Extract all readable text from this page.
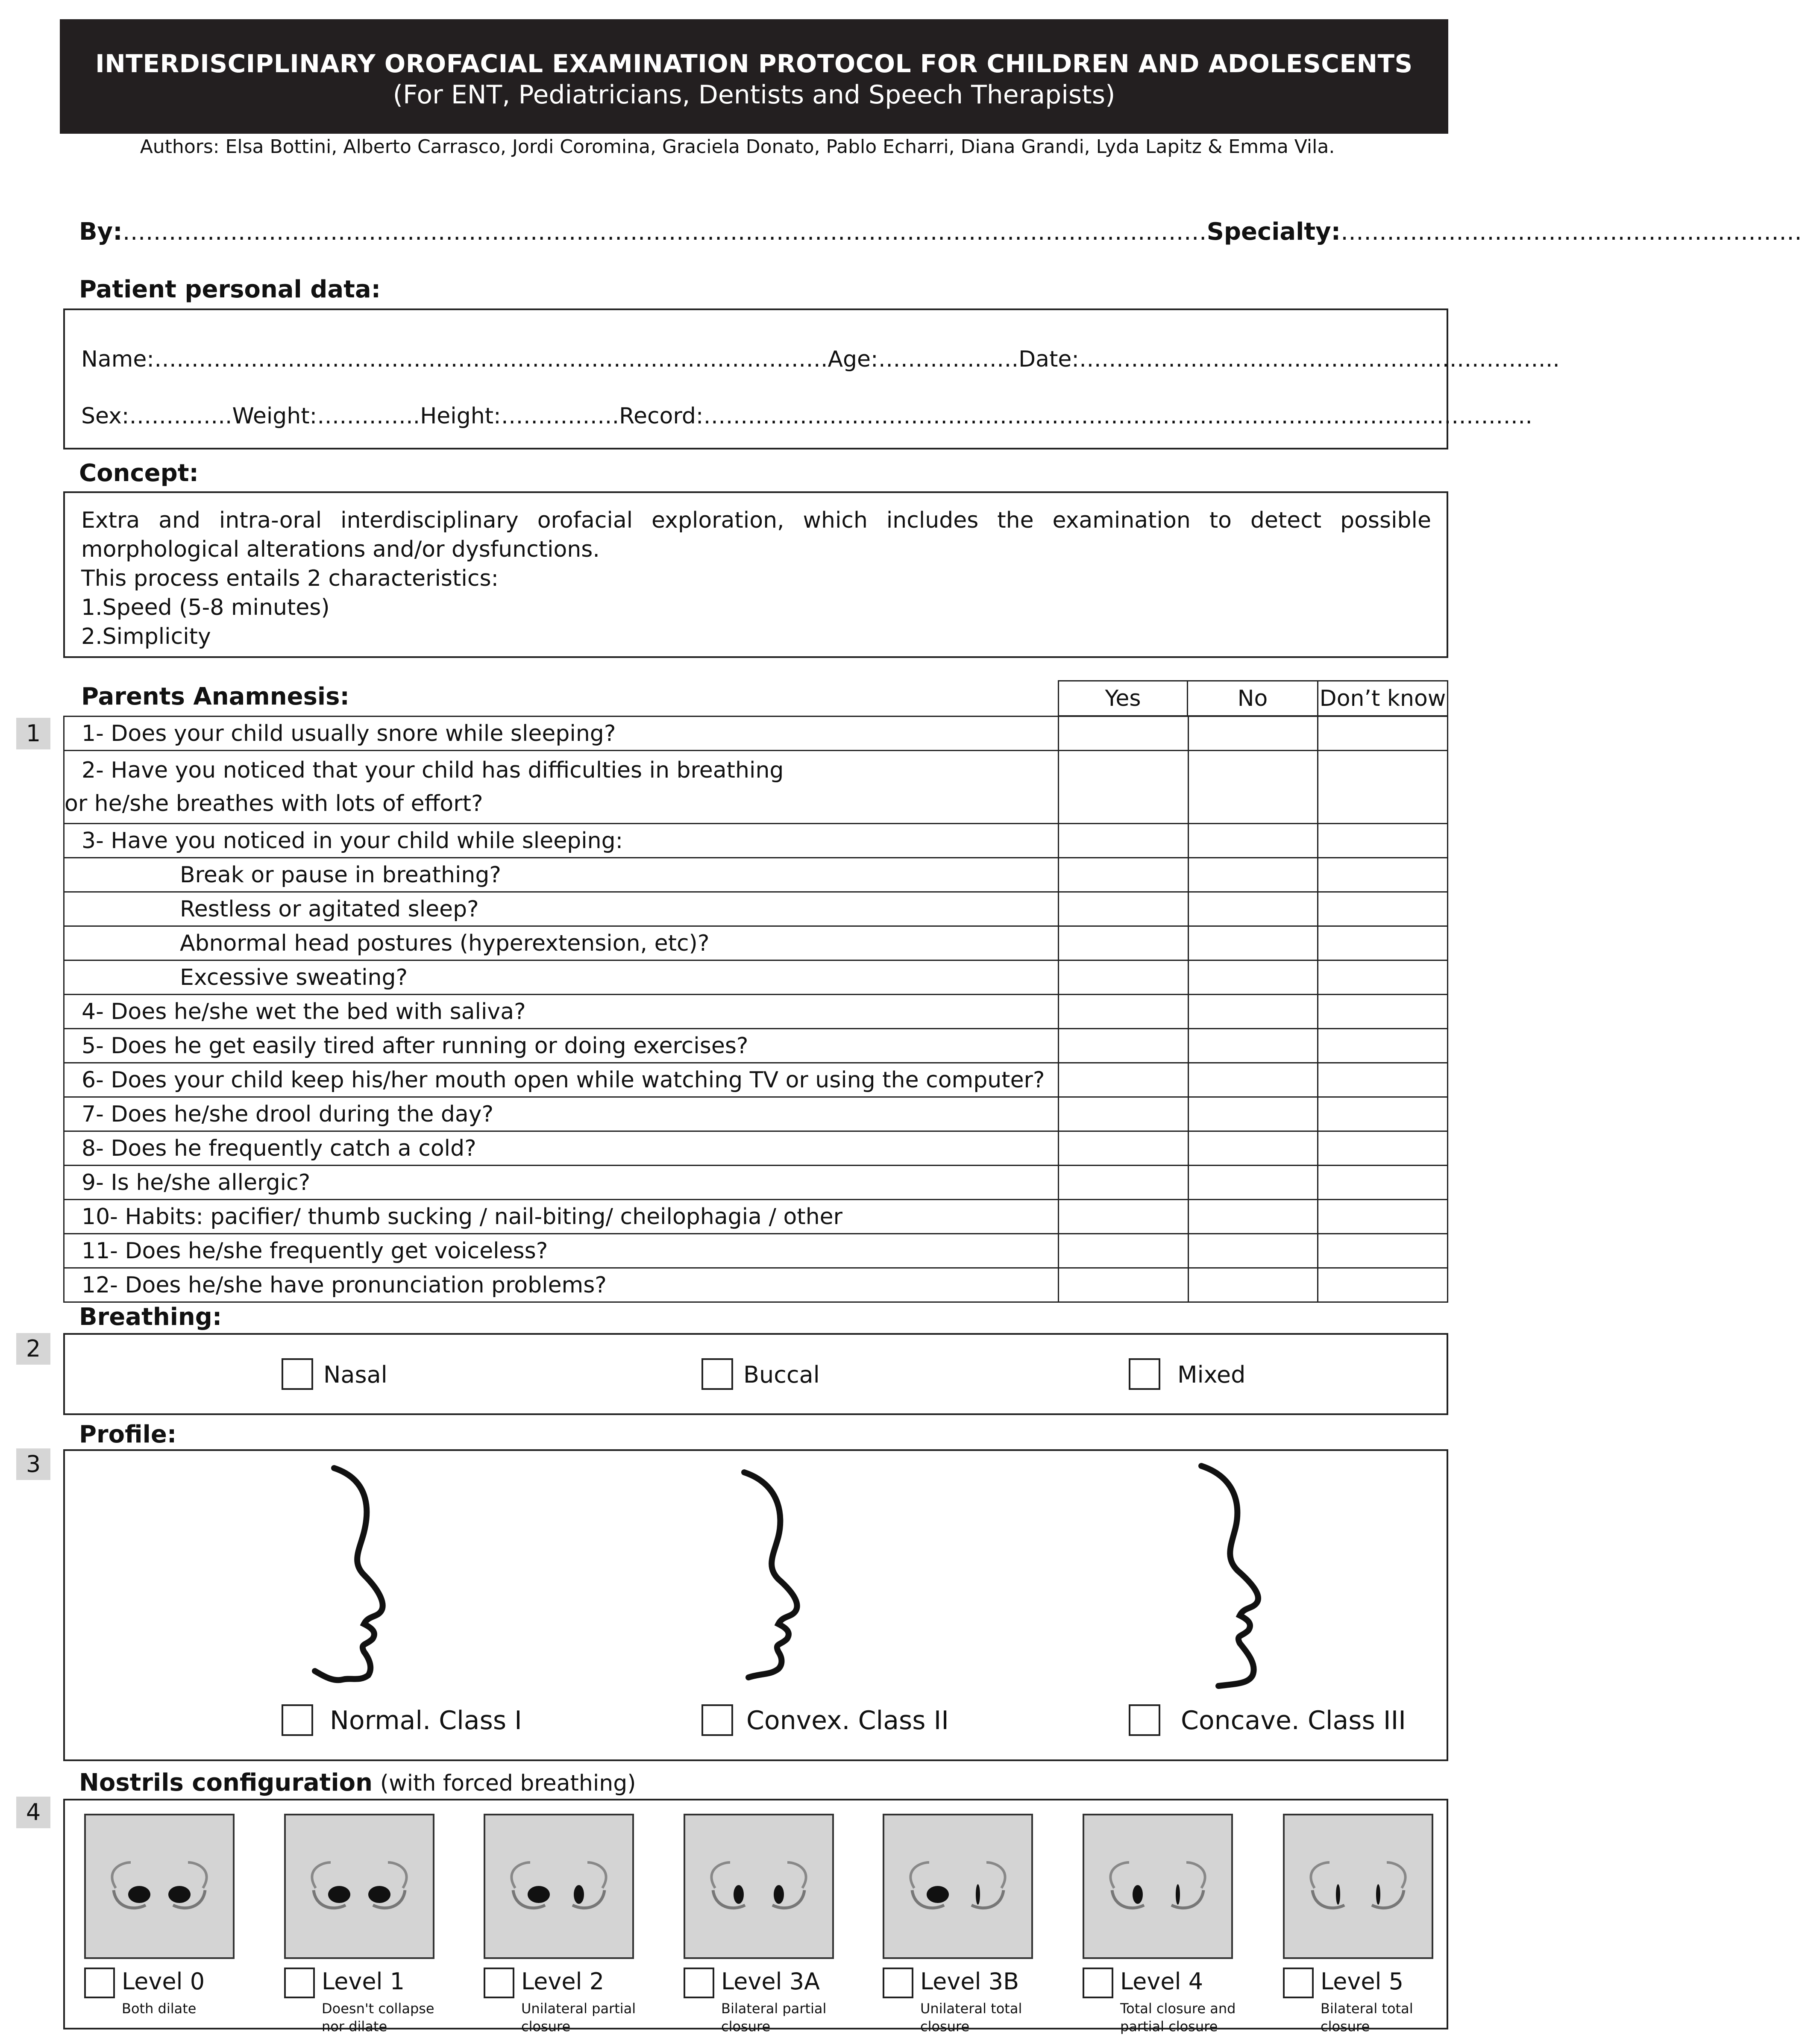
INTERDISCIPLINARY OROFACIAL EXAMINATION PROTOCOL FOR CHILDREN AND ADOLESCENTS
(For ENT, Pediatricians, Dentists and Speech Therapists)
Authors: Elsa Bottini, Alberto Carrasco, Jordi Coromina, Graciela Donato, Pablo Echarri, Diana Grandi, Lyda Lapitz & Emma Vila.
By:……………………………………………………………………………………………………………………………Specialty:……………………………………………………
Patient personal data:
Name:……………………………………………………………………………….Age:……………….Date:………………………………………………………..
Sex:…………..Weight:…………..Height:…………….Record:………………………………………………………………………………………………….
Concept:
Extra and intra-oral interdisciplinary orofacial exploration, which includes the examination to detect possible morphological alterations and/or dysfunctions.
This process entails 2 characteristics:
1.Speed (5-8 minutes)
2.Simplicity
1
Parents Anamnesis:	Yes	No	Don’t know
1- Does your child usually snore while sleeping?			
2- Have you noticed that your child has difficulties in breathing
or he/she breathes with lots of effort?			
3- Have you noticed in your child while sleeping:			
Break or pause in breathing?			
Restless or agitated sleep?			
Abnormal head postures (hyperextension, etc)?			
Excessive sweating?			
4- Does he/she wet the bed with saliva?			
5- Does he get easily tired after running or doing exercises?			
6- Does your child keep his/her mouth open while watching TV or using the computer?			
7- Does he/she drool during the day?			
8- Does he frequently catch a cold?			
9- Is he/she allergic?			
10- Habits: pacifier/ thumb sucking / nail-biting/ cheilophagia / other			
11- Does he/she frequently get voiceless?			
12- Does he/she have pronunciation problems?			
Breathing:
2
Nasal	Buccal	Mixed
Profile:
3
Normal. Class I	Convex. Class II	Concave. Class III
Nostrils configuration (with forced breathing)
4
Level 0
Both dilate
Level 1
Doesn't collapse
nor dilate
Level 2
Unilateral partial
closure
Level 3A
Bilateral partial
closure
Level 3B
Unilateral total
closure
Level 4
Total closure and
partial closure
Level 5
Bilateral total
closure
